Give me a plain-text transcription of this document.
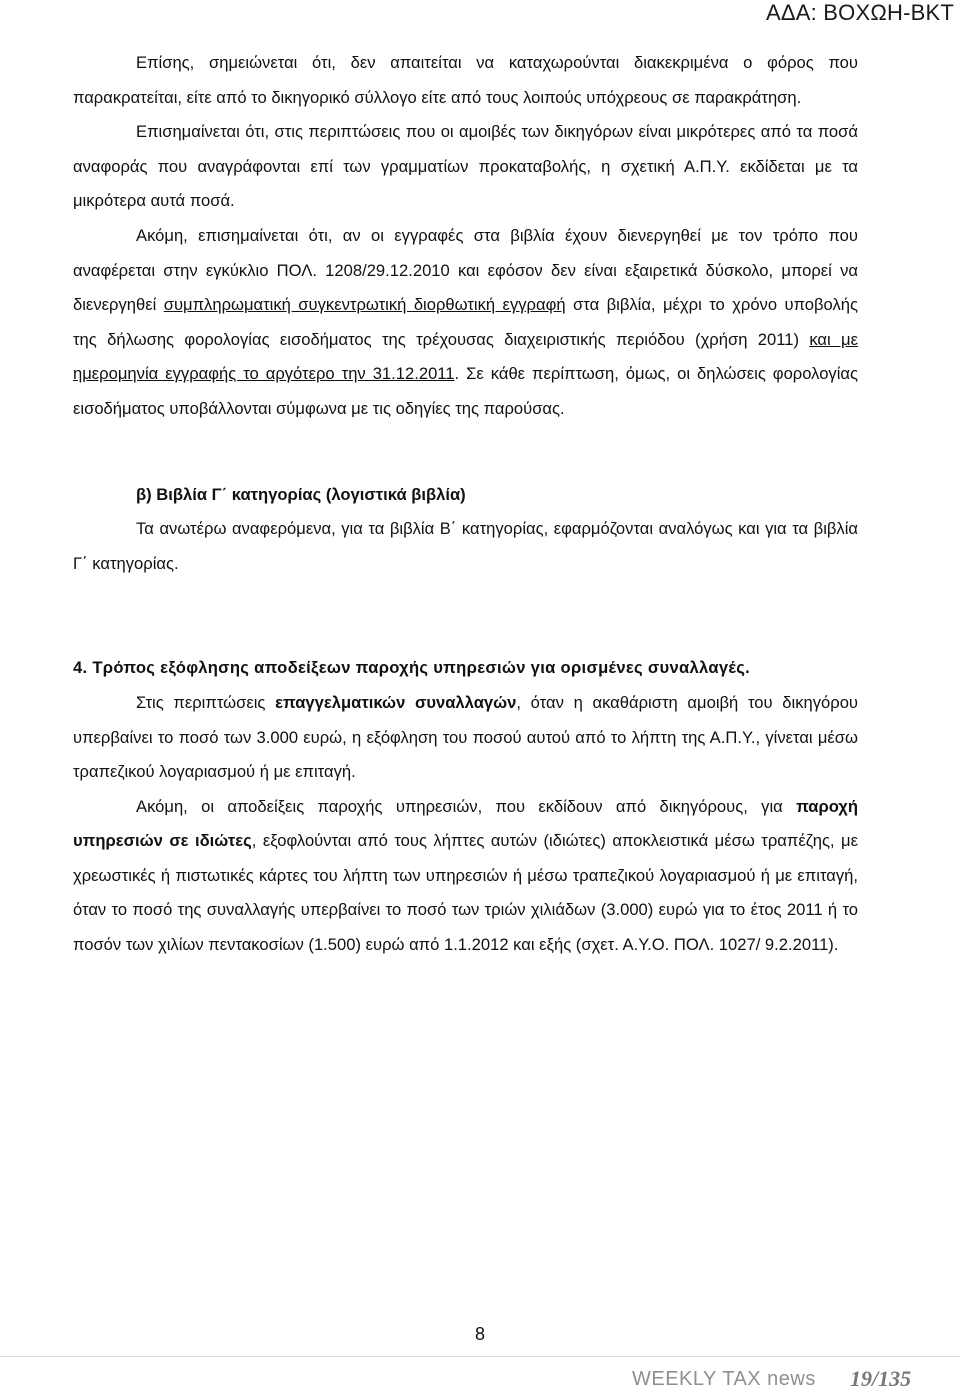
ΑΔΑ: ΒΟΧΩΗ-ΒΚΤ

Επίσης, σημειώνεται ότι, δεν απαιτείται να καταχωρούνται διακεκριμένα ο φόρος που παρακρατείται, είτε από το δικηγορικό σύλλογο είτε από τους λοιπούς υπόχρεους σε παρακράτηση.

Επισημαίνεται ότι, στις περιπτώσεις που οι αμοιβές των δικηγόρων είναι μικρότερες από τα ποσά αναφοράς που αναγράφονται επί των γραμματίων προκαταβολής, η σχετική Α.Π.Υ. εκδίδεται με τα μικρότερα αυτά ποσά.

Ακόμη, επισημαίνεται ότι, αν οι εγγραφές στα βιβλία έχουν διενεργηθεί με τον τρόπο που αναφέρεται στην εγκύκλιο ΠΟΛ. 1208/29.12.2010 και εφόσον δεν είναι εξαιρετικά δύσκολο, μπορεί να διενεργηθεί συμπληρωματική συγκεντρωτική διορθωτική εγγραφή στα βιβλία, μέχρι το χρόνο υποβολής της δήλωσης φορολογίας εισοδήματος της τρέχουσας διαχειριστικής περιόδου (χρήση 2011) και με ημερομηνία εγγραφής το αργότερο την 31.12.2011. Σε κάθε περίπτωση, όμως, οι δηλώσεις φορολογίας εισοδήματος υποβάλλονται σύμφωνα με τις οδηγίες της παρούσας.

β) Βιβλία Γ΄ κατηγορίας (λογιστικά βιβλία)

Τα ανωτέρω αναφερόμενα, για τα βιβλία Β΄ κατηγορίας, εφαρμόζονται αναλόγως και για τα βιβλία Γ΄ κατηγορίας.

4. Τρόπος εξόφλησης αποδείξεων παροχής υπηρεσιών για ορισμένες συναλλαγές.

Στις περιπτώσεις επαγγελματικών συναλλαγών, όταν η ακαθάριστη αμοιβή του δικηγόρου υπερβαίνει το ποσό των 3.000 ευρώ, η εξόφληση του ποσού αυτού από το λήπτη της Α.Π.Υ., γίνεται μέσω τραπεζικού λογαριασμού ή με επιταγή.

Ακόμη, οι αποδείξεις παροχής υπηρεσιών, που εκδίδουν από δικηγόρους, για παροχή υπηρεσιών σε ιδιώτες, εξοφλούνται από τους λήπτες αυτών (ιδιώτες) αποκλειστικά μέσω τραπέζης, με χρεωστικές ή πιστωτικές κάρτες του λήπτη των υπηρεσιών ή μέσω τραπεζικού λογαριασμού ή με επιταγή, όταν το ποσό της συναλλαγής υπερβαίνει το ποσό των τριών χιλιάδων (3.000) ευρώ για το έτος 2011 ή το ποσόν των χιλίων πεντακοσίων (1.500) ευρώ από 1.1.2012 και εξής (σχετ. Α.Υ.Ο. ΠΟΛ. 1027/ 9.2.2011).

8
WEEKLY TAX news 19/135
